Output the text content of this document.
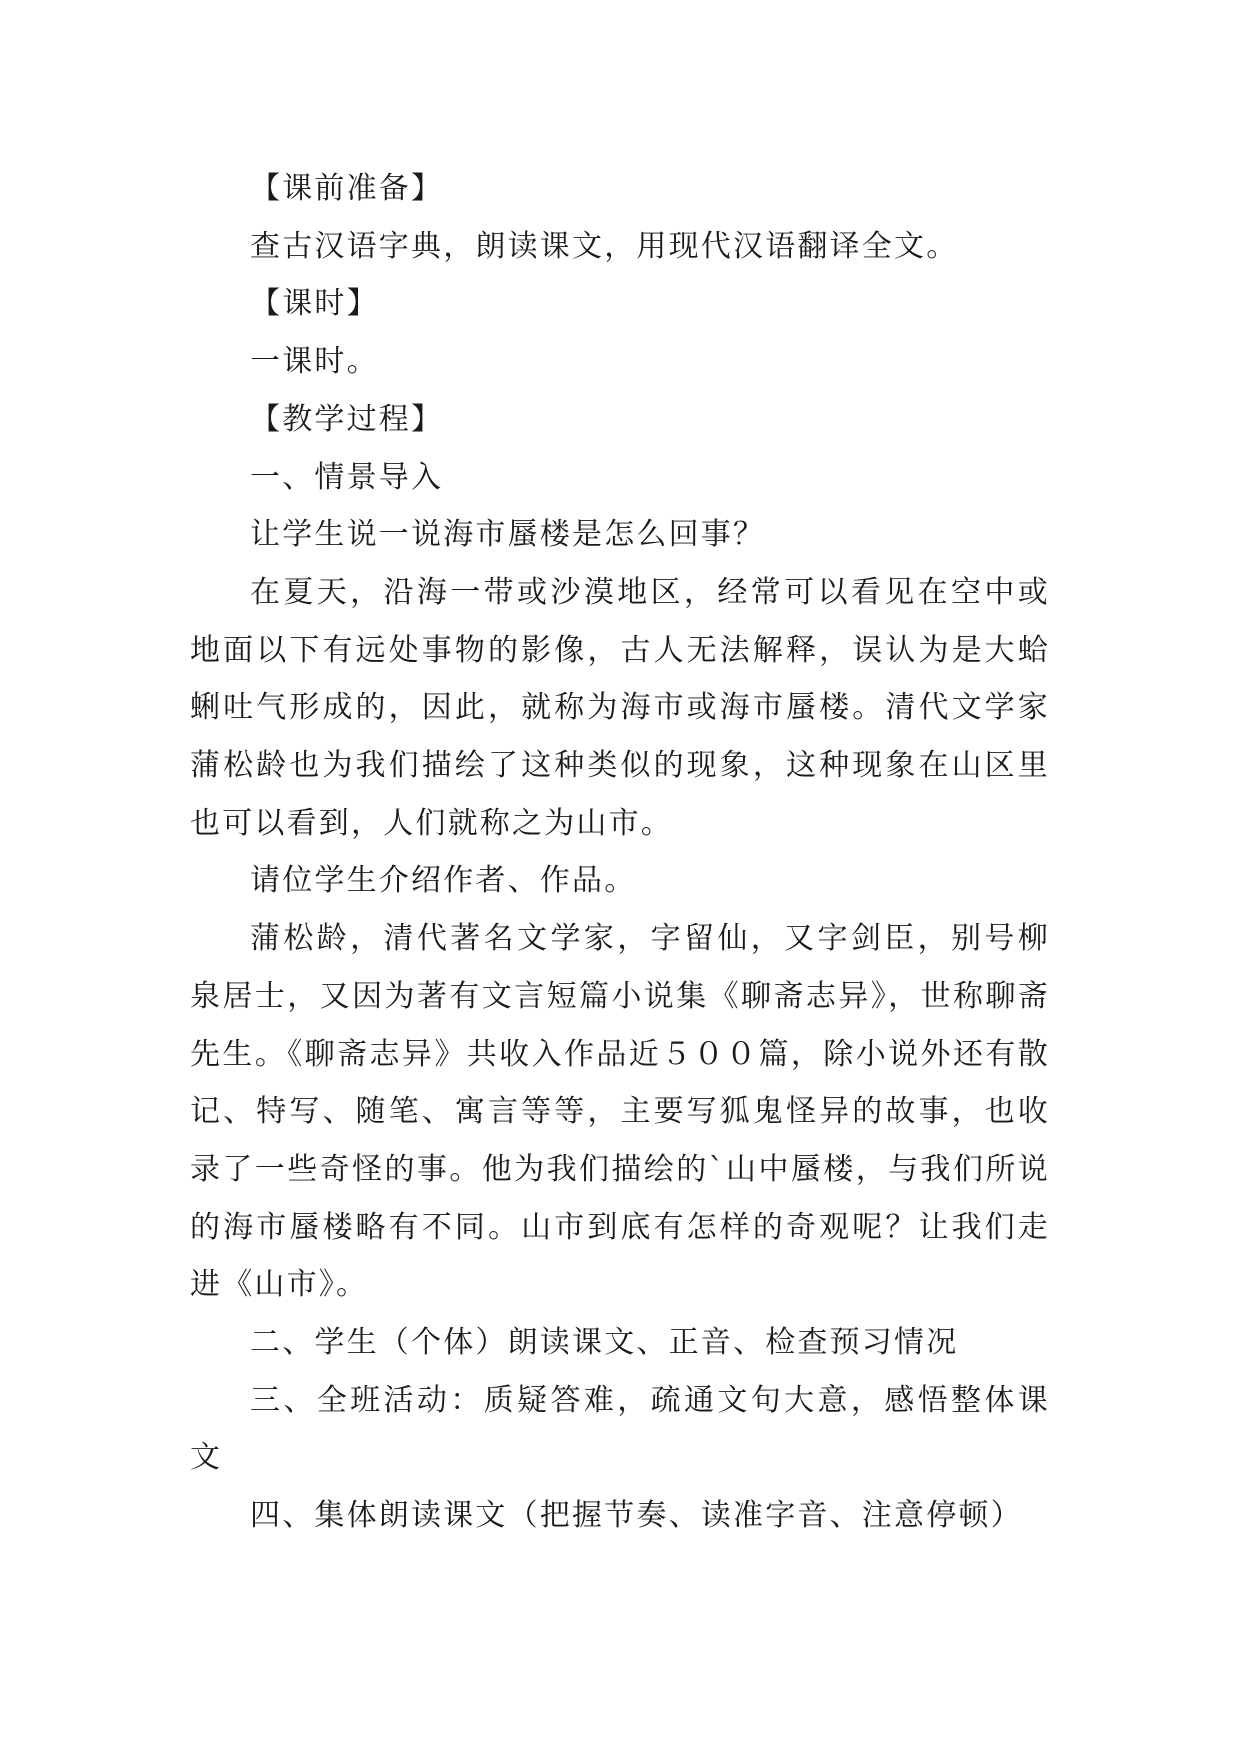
【课前准备】

查古汉语字典，朗读课文，用现代汉语翻译全文。

【课时】

一课时。

【教学过程】

一、情景导入

让学生说一说海市蜃楼是怎么回事？

在夏天，沿海一带或沙漠地区，经常可以看见在空中或地面以下有远处事物的影像，古人无法解释，误认为是大蛤蜊吐气形成的，因此，就称为海市或海市蜃楼。清代文学家蒲松龄也为我们描绘了这种类似的现象，这种现象在山区里也可以看到，人们就称之为山市。

请位学生介绍作者、作品。

蒲松龄，清代著名文学家，字留仙，又字剑臣，别号柳泉居士，又因为著有文言短篇小说集《聊斋志异》，世称聊斋先生。《聊斋志异》共收入作品近５００篇，除小说外还有散记、特写、随笔、寓言等等，主要写狐鬼怪异的故事，也收录了一些奇怪的事。他为我们描绘的`山中蜃楼，与我们所说的海市蜃楼略有不同。山市到底有怎样的奇观呢？让我们走进《山市》。

二、学生（个体）朗读课文、正音、检查预习情况

三、全班活动：质疑答难，疏通文句大意，感悟整体课文

四、集体朗读课文（把握节奏、读准字音、注意停顿）
